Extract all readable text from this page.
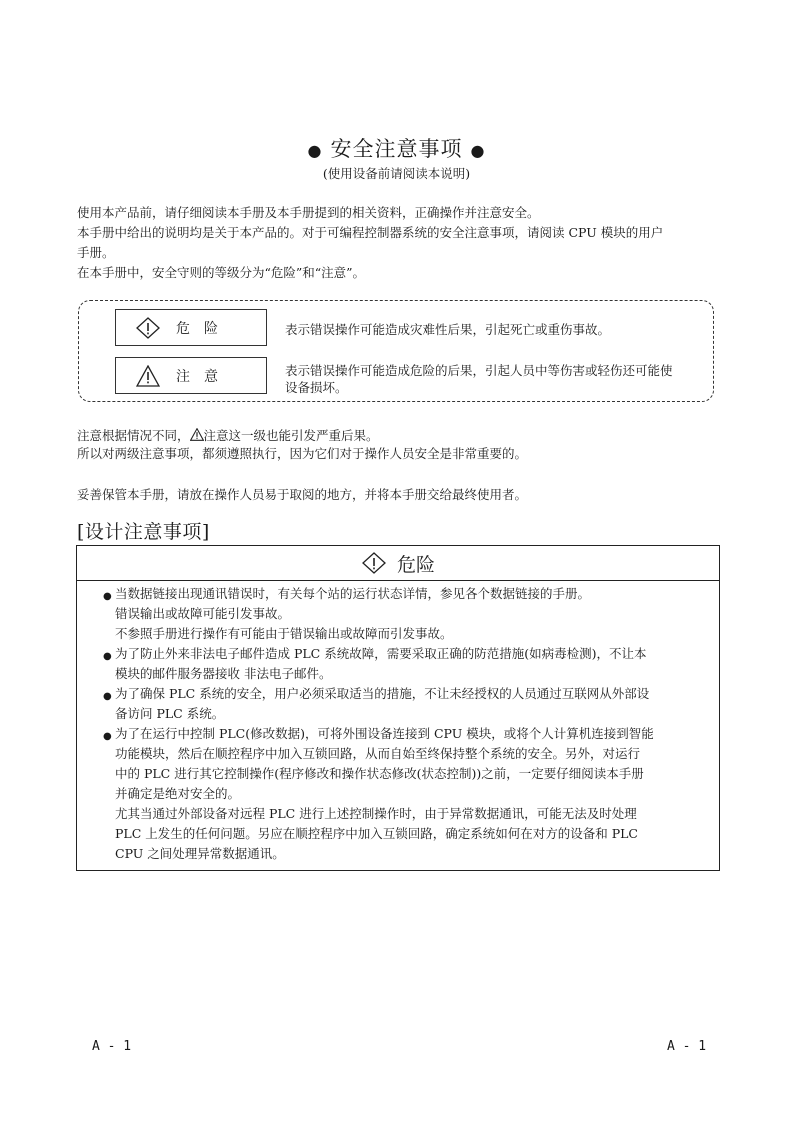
● 安全注意事项 ●
(使用设备前请阅读本说明)
使用本产品前，请仔细阅读本手册及本手册提到的相关资料，正确操作并注意安全。
本手册中给出的说明均是关于本产品的。对于可编程控制器系统的安全注意事项，请阅读 CPU 模块的用户
手册。
在本手册中，安全守则的等级分为“危险”和“注意”。
危险	表示错误操作可能造成灾难性后果，引起死亡或重伤事故。
注意	表示错误操作可能造成危险的后果，引起人员中等伤害或轻伤还可能使
设备损坏。
注意根据情况不同， 注意这一级也能引发严重后果。
所以对两级注意事项，都须遵照执行，因为它们对于操作人员安全是非常重要的。
妥善保管本手册，请放在操作人员易于取阅的地方，并将本手册交给最终使用者。
[设计注意事项]
危险
● 当数据链接出现通讯错误时，有关每个站的运行状态详情，参见各个数据链接的手册。
错误输出或故障可能引发事故。
不参照手册进行操作有可能由于错误输出或故障而引发事故。
● 为了防止外来非法电子邮件造成 PLC 系统故障，需要采取正确的防范措施(如病毒检测)，不让本
模块的邮件服务器接收 非法电子邮件。
● 为了确保 PLC 系统的安全，用户必须采取适当的措施，不让未经授权的人员通过互联网从外部设
备访问 PLC 系统。
● 为了在运行中控制 PLC(修改数据)，可将外围设备连接到 CPU 模块，或将个人计算机连接到智能
功能模块，然后在顺控程序中加入互锁回路，从而自始至终保持整个系统的安全。另外，对运行
中的 PLC 进行其它控制操作(程序修改和操作状态修改(状态控制))之前，一定要仔细阅读本手册
并确定是绝对安全的。
尤其当通过外部设备对远程 PLC 进行上述控制操作时，由于异常数据通讯，可能无法及时处理
PLC 上发生的任何问题。另应在顺控程序中加入互锁回路，确定系统如何在对方的设备和 PLC
CPU 之间处理异常数据通讯。
A - 1	A - 1
